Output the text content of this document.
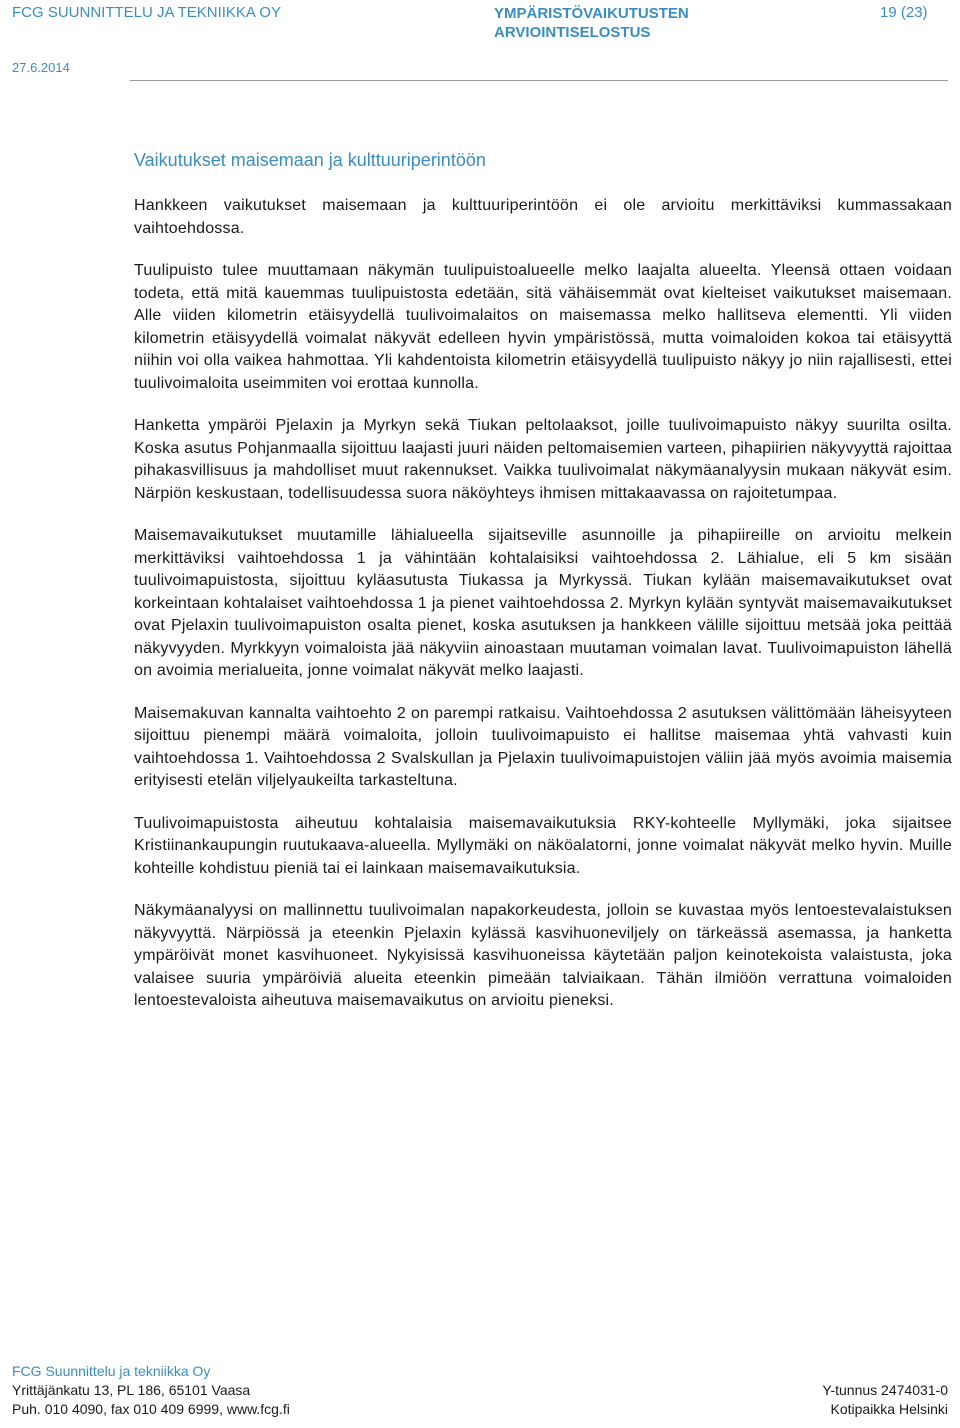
FCG SUUNNITTELU JA TEKNIIKKA OY	YMPÄRISTÖVAIKUTUSTEN
ARVIOINTISELOSTUS
19 (23)
27.6.2014
Vaikutukset maisemaan ja kulttuuriperintöön

Hankkeen vaikutukset maisemaan ja kulttuuriperintöön ei ole arvioitu merkittäviksi kummassakaan vaihtoehdossa.

Tuulipuisto tulee muuttamaan näkymän tuulipuistoalueelle melko laajalta alueelta. Yleensä ottaen voidaan todeta, että mitä kauemmas tuulipuistosta edetään, sitä vähäisemmät ovat kielteiset vaikutukset maisemaan. Alle viiden kilometrin etäisyydellä tuulivoimalaitos on maisemassa melko hallitseva elementti. Yli viiden kilometrin etäisyydellä voimalat näkyvät edelleen hyvin ympäristössä, mutta voimaloiden kokoa tai etäisyyttä niihin voi olla vaikea hahmottaa. Yli kahdentoista kilometrin etäisyydellä tuulipuisto näkyy jo niin rajallisesti, ettei tuulivoimaloita useimmiten voi erottaa kunnolla.

Hanketta ympäröi Pjelaxin ja Myrkyn sekä Tiukan peltolaaksot, joille tuulivoimapuisto näkyy suurilta osilta. Koska asutus Pohjanmaalla sijoittuu laajasti juuri näiden peltomaisemien varteen, pihapiirien näkyvyyttä rajoittaa pihakasvillisuus ja mahdolliset muut rakennukset. Vaikka tuulivoimalat näkymäanalyysin mukaan näkyvät esim. Närpiön keskustaan, todellisuudessa suora näköyhteys ihmisen mittakaavassa on rajoitetumpaa.

Maisemavaikutukset muutamille lähialueella sijaitseville asunnoille ja pihapiireille on arvioitu melkein merkittäviksi vaihtoehdossa 1 ja vähintään kohtalaisiksi vaihtoehdossa 2. Lähialue, eli 5 km sisään tuulivoimapuistosta, sijoittuu kyläasutusta Tiukassa ja Myrkyssä. Tiukan kylään maisemavaikutukset ovat korkeintaan kohtalaiset vaihtoehdossa 1 ja pienet vaihtoehdossa 2. Myrkyn kylään syntyvät maisemavaikutukset ovat Pjelaxin tuulivoimapuiston osalta pienet, koska asutuksen ja hankkeen välille sijoittuu metsää joka peittää näkyvyyden. Myrkkyyn voimaloista jää näkyviin ainoastaan muutaman voimalan lavat. Tuulivoimapuiston lähellä on avoimia merialueita, jonne voimalat näkyvät melko laajasti.

Maisemakuvan kannalta vaihtoehto 2 on parempi ratkaisu. Vaihtoehdossa 2 asutuksen välittömään läheisyyteen sijoittuu pienempi määrä voimaloita, jolloin tuulivoimapuisto ei hallitse maisemaa yhtä vahvasti kuin vaihtoehdossa 1. Vaihtoehdossa 2 Svalskullan ja Pjelaxin tuulivoimapuistojen väliin jää myös avoimia maisemia erityisesti etelän viljelyaukeilta tarkasteltuna.

Tuulivoimapuistosta aiheutuu kohtalaisia maisemavaikutuksia RKY-kohteelle Myllymäki, joka sijaitsee Kristiinankaupungin ruutukaava-alueella. Myllymäki on näköalatorni, jonne voimalat näkyvät melko hyvin. Muille kohteille kohdistuu pieniä tai ei lainkaan maisemavaikutuksia.

Näkymäanalyysi on mallinnettu tuulivoimalan napakorkeudesta, jolloin se kuvastaa myös lentoestevalaistuksen näkyvyyttä. Närpiössä ja eteenkin Pjelaxin kylässä kasvihuoneviljely on tärkeässä asemassa, ja hanketta ympäröivät monet kasvihuoneet. Nykyisissä kasvihuoneissa käytetään paljon keinotekoista valaistusta, joka valaisee suuria ympäröiviä alueita eteenkin pimeään talviaikaan. Tähän ilmiöön verrattuna voimaloiden lentoestevaloista aiheutuva maisemavaikutus on arvioitu pieneksi.

FCG Suunnittelu ja tekniikka Oy
Yrittäjänkatu 13, PL 186, 65101 Vaasa
Puh. 010 4090, fax 010 409 6999, www.fcg.fi

Y-tunnus 2474031-0
Kotipaikka Helsinki
